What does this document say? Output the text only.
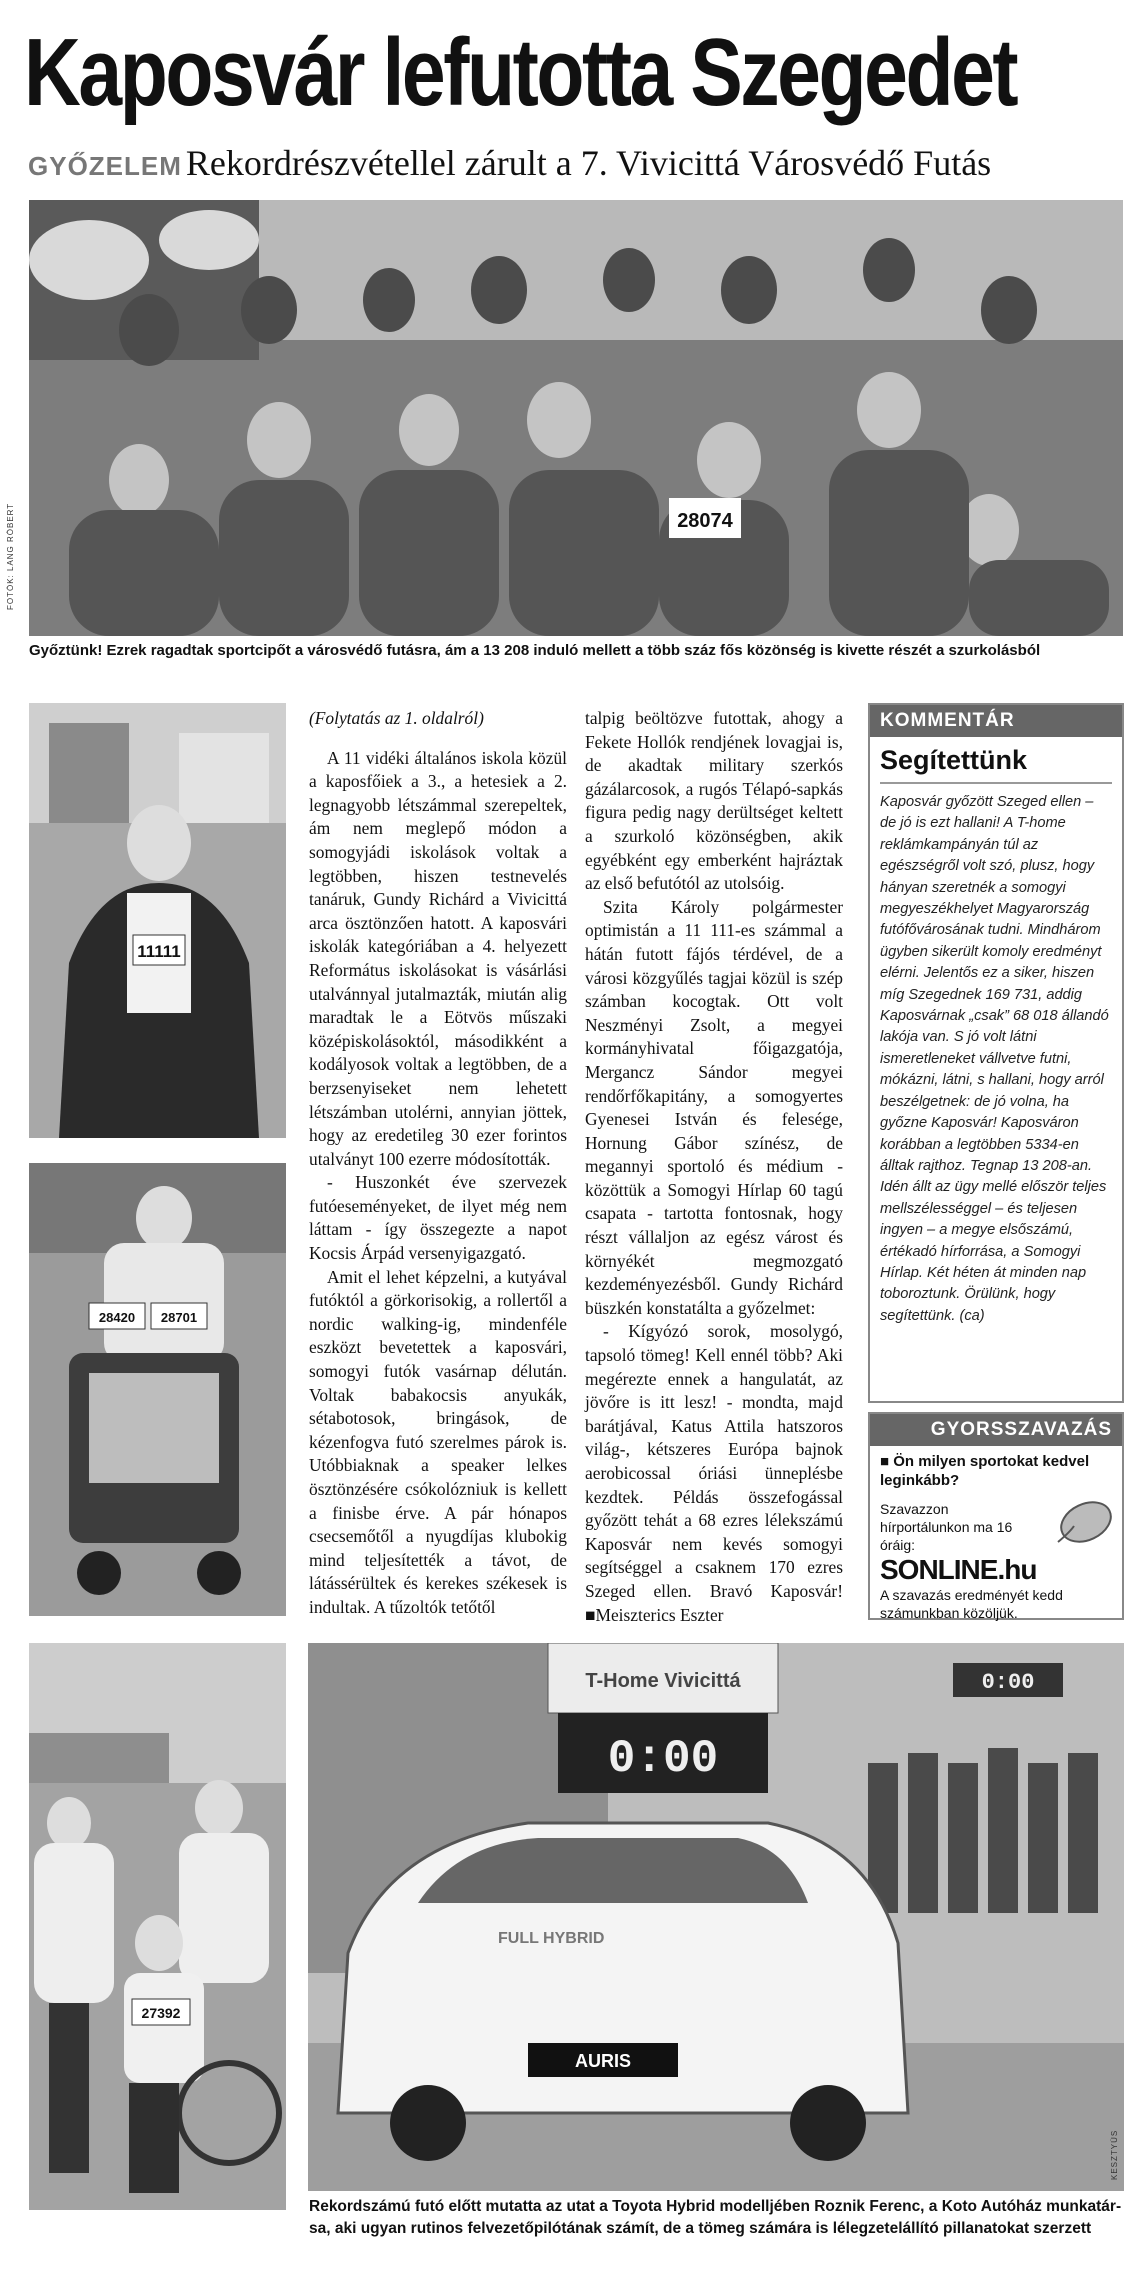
Kaposvár lefutotta Szegedet
GYŐZELEM Rekordrészvétellel zárult a 7. Vivicittá Városvédő Futás
28074
FOTÓK: LANG RÓBERT
Győztünk! Ezrek ragadtak sportcipőt a városvédő futásra, ám a 13 208 induló mellett a több száz fős közönség is kivette részét a szurkolásból
11111
28420 28701
27392

(Folytatás az 1. oldalról)

A 11 vidéki általános iskola közül a kaposfőiek a 3., a hetesiek a 2. legnagyobb létszámmal szerepeltek, ám nem meglepő módon a somogyjádi iskolások voltak a legtöbben, hiszen testnevelés tanáruk, Gundy Richárd a Vivicittá arca ösztönzően hatott. A kaposvári iskolák kategóriában a 4. helyezett Református iskolásokat is vásárlási utalvánnyal jutalmazták, miután alig maradtak le a Eötvös műszaki középiskolásoktól, másodikként a kodályosok voltak a legtöbben, de a berzsenyiseket nem lehetett létszámban utolérni, annyian jöttek, hogy az eredetileg 30 ezer forintos utalványt 100 ezerre módosították.

- Huszonkét éve szervezek futóeseményeket, de ilyet még nem láttam - így összegezte a napot Kocsis Árpád versenyigazgató.

Amit el lehet képzelni, a kutyával futóktól a görkorisokig, a rollertől a nordic walking-ig, mindenféle eszközt bevetettek a kaposvári, somogyi futók vasárnap délután. Voltak babakocsis anyukák, sétabotosok, bringások, de kézenfogva futó szerelmes párok is. Utóbbiaknak a speaker lelkes ösztönzésére csókolózniuk is kellett a finisbe érve. A pár hónapos csecsemőtől a nyugdíjas klubokig mind teljesítették a távot, de látássérültek és kerekes székesek is indultak. A tűzoltók tetőtől

talpig beöltözve futottak, ahogy a Fekete Hollók rendjének lovagjai is, de akadtak military szerkós gázálarcosok, a rugós Télapó-sapkás figura pedig nagy derültséget keltett a szurkoló közönségben, akik egyébként egy emberként hajráztak az első befutótól az utolsóig.

Szita Károly polgármester optimistán a 11 111-es számmal a hátán futott fájós térdével, de a városi közgyűlés tagjai közül is szép számban kocogtak. Ott volt Neszményi Zsolt, a megyei kormányhivatal főigazgatója, Mergancz Sándor megyei rendőrfőkapitány, a somogyertes Gyenesei István és felesége, Hornung Gábor színész, de megannyi sportoló és médium - közöttük a Somogyi Hírlap 60 tagú csapata - tartotta fontosnak, hogy részt vállaljon az egész várost és környékét megmozgató kezdeményezésből. Gundy Richárd büszkén konstatálta a győzelmet:

- Kígyózó sorok, mosolygó, tapsoló tömeg! Kell ennél több? Aki megérezte ennek a hangulatát, az jövőre is itt lesz! - mondta, majd barátjával, Katus Attila hatszoros világ-, kétszeres Európa bajnok aerobicossal óriási ünneplésbe kezdtek. Példás összefogással győzött tehát a 68 ezres lélekszámú Kaposvár nem kevés somogyi segítséggel a csaknem 170 ezres Szeged ellen. Bravó Kaposvár! ■Meiszterics Eszter

KOMMENTÁR
Segítettünk
Kaposvár győzött Szeged ellen – de jó is ezt hallani! A T-home reklámkampányán túl az egészségről volt szó, plusz, hogy hányan szeretnék a somogyi megyeszékhelyet Magyarország futófővárosának tudni. Mindhárom ügyben sikerült komoly eredményt elérni. Jelentős ez a siker, hiszen míg Szegednek 169 731, addig Kaposvárnak „csak” 68 018 állandó lakója van. S jó volt látni ismeretleneket vállvetve futni, mókázni, látni, s hallani, hogy arról beszélgetnek: de jó volna, ha győzne Kaposvár! Kaposváron korábban a legtöbben 5334-en álltak rajthoz. Tegnap 13 208-an. Idén állt az ügy mellé először teljes mellszélességgel – és teljesen ingyen – a megye elsőszámú, értékadó hírforrása, a Somogyi Hírlap. Két héten át minden nap toboroztunk. Örülünk, hogy segítettünk. (ca)
GYORSSZAVAZÁS
■ Ön milyen sportokat kedvel leginkább?
Szavazzon hírportálunkon ma 16 óráig:
SONLINE.hu
A szavazás eredményét kedd számunkban közöljük.
T-Home Vivicittá
0:00
0:00
AURIS
FULL HYBRID
KESZTYŰS
Rekordszámú futó előtt mutatta az utat a Toyota Hybrid modelljében Roznik Ferenc, a Koto Autóház munkatár-
sa, aki ugyan rutinos felvezetőpilótának számít, de a tömeg számára is lélegzetelállító pillanatokat szerzett
